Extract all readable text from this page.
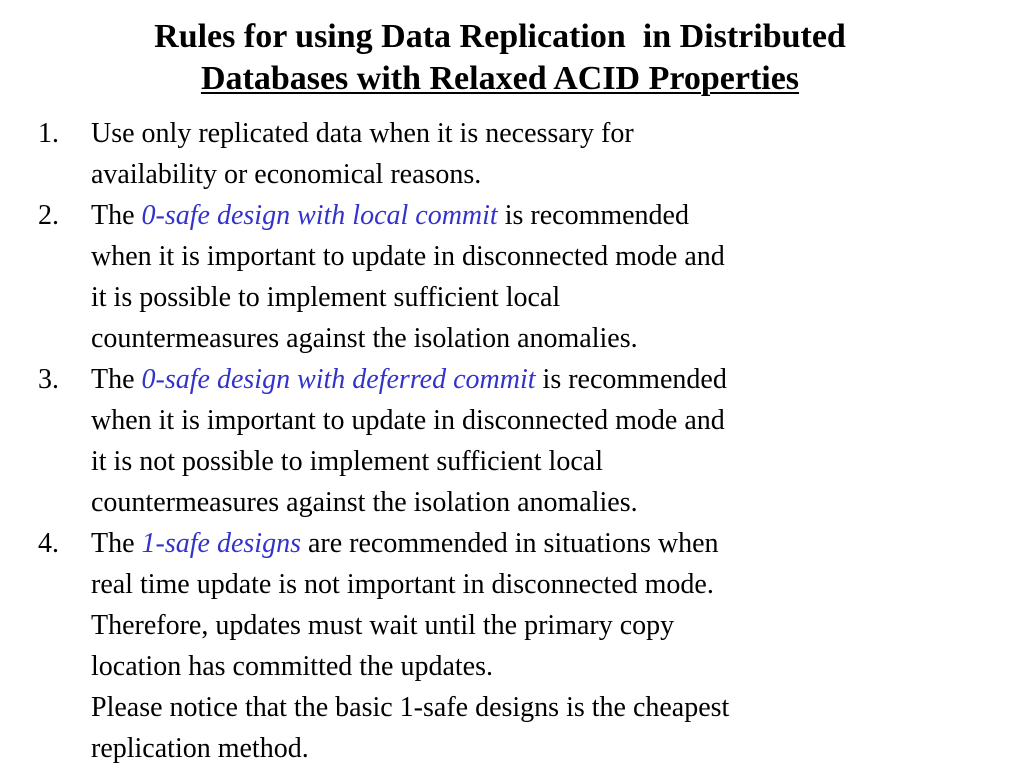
Rules for using Data Replication  in Distributed
Databases with Relaxed ACID Properties
1. Use only replicated data when it is necessary for
availability or economical reasons.
2. The 0-safe design with local commit is recommended
when it is important to update in disconnected mode and
it is possible to implement sufficient local
countermeasures against the isolation anomalies.
3. The 0-safe design with deferred commit is recommended
when it is important to update in disconnected mode and
it is not possible to implement sufficient local
countermeasures against the isolation anomalies.
4. The 1-safe designs are recommended in situations when
real time update is not important in disconnected mode.
Therefore, updates must wait until the primary copy
location has committed the updates.
Please notice that the basic 1-safe designs is the cheapest
replication method.
